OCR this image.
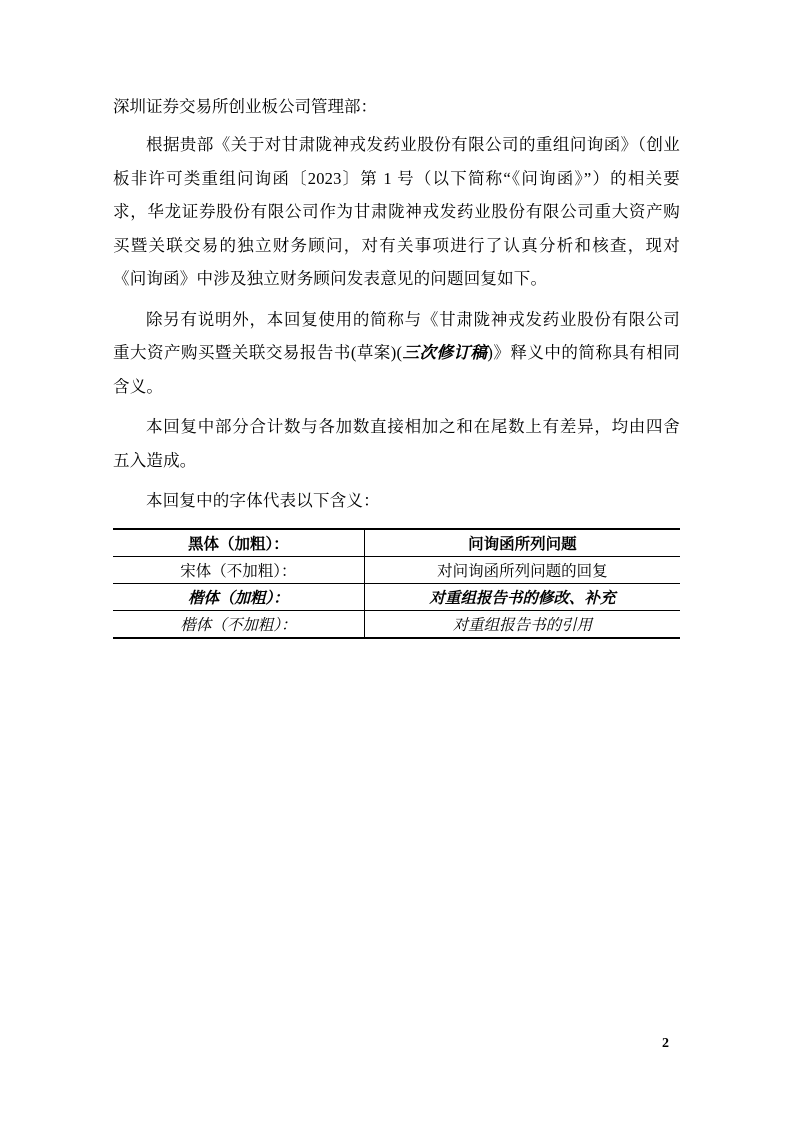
深圳证券交易所创业板公司管理部：

根据贵部《关于对甘肃陇神戎发药业股份有限公司的重组问询函》（创业板非许可类重组问询函〔2023〕第 1 号（以下简称“《问询函》”）的相关要求，华龙证券股份有限公司作为甘肃陇神戎发药业股份有限公司重大资产购买暨关联交易的独立财务顾问，对有关事项进行了认真分析和核查，现对《问询函》中涉及独立财务顾问发表意见的问题回复如下。

除另有说明外，本回复使用的简称与《甘肃陇神戎发药业股份有限公司重大资产购买暨关联交易报告书(草案)(三次修订稿)》释义中的简称具有相同含义。

本回复中部分合计数与各加数直接相加之和在尾数上有差异，均由四舍五入造成。

本回复中的字体代表以下含义：

黑体（加粗）：	问询函所列问题
宋体（不加粗）：	对问询函所列问题的回复
楷体（加粗）：	对重组报告书的修改、补充
楷体（不加粗）：	对重组报告书的引用
2
